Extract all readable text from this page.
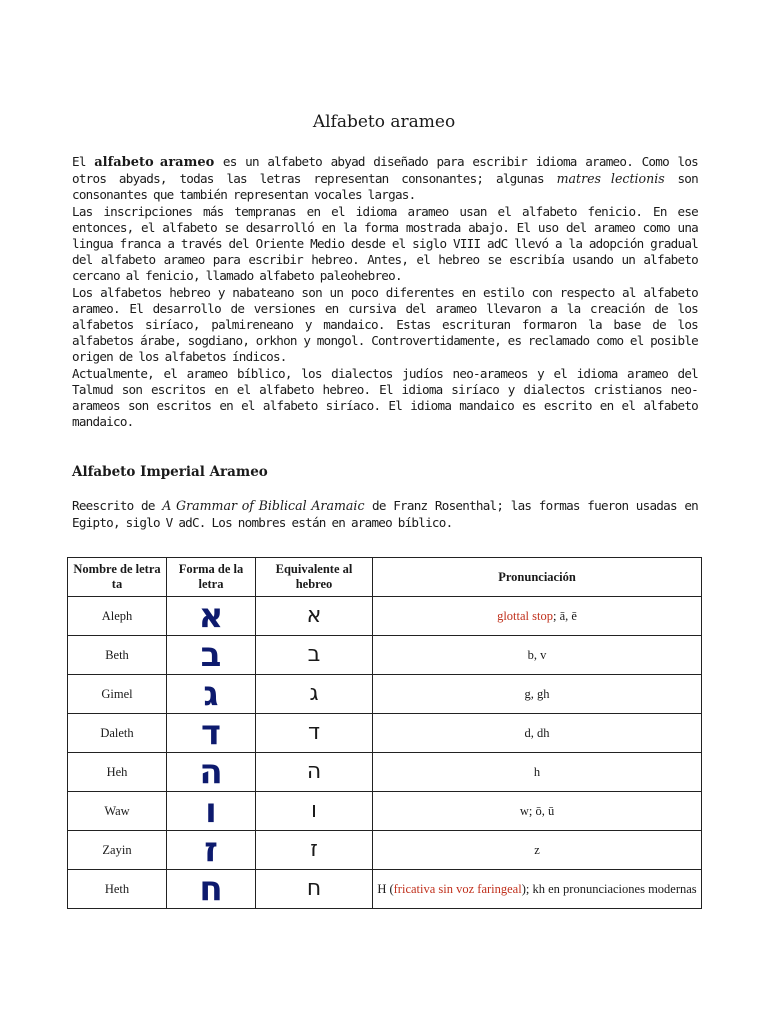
Alfabeto arameo

El alfabeto arameo es un alfabeto abyad diseñado para escribir idioma arameo. Como los otros abyads, todas las letras representan consonantes; algunas matres lectionis son consonantes que también representan vocales largas.

Las inscripciones más tempranas en el idioma arameo usan el alfabeto fenicio. En ese entonces, el alfabeto se desarrolló en la forma mostrada abajo. El uso del arameo como una lingua franca a través del Oriente Medio desde el siglo VIII adC llevó a la adopción gradual del alfabeto arameo para escribir hebreo. Antes, el hebreo se escribía usando un alfabeto cercano al fenicio, llamado alfabeto paleohebreo.

Los alfabetos hebreo y nabateano son un poco diferentes en estilo con respecto al alfabeto arameo. El desarrollo de versiones en cursiva del arameo llevaron a la creación de los alfabetos siríaco, palmireneano y mandaico. Estas escrituran formaron la base de los alfabetos árabe, sogdiano, orkhon y mongol. Controvertidamente, es reclamado como el posible origen de los alfabetos índicos.

Actualmente, el arameo bíblico, los dialectos judíos neo-arameos y el idioma arameo del Talmud son escritos en el alfabeto hebreo. El idioma siríaco y dialectos cristianos neo-arameos son escritos en el alfabeto siríaco. El idioma mandaico es escrito en el alfabeto mandaico.

Alfabeto Imperial Arameo

Reescrito de A Grammar of Biblical Aramaic de Franz Rosenthal; las formas fueron usadas en Egipto, siglo V adC. Los nombres están en arameo bíblico.

Nombre de letra ta	Forma de la letra	Equivalente al hebreo	Pronunciación
Aleph	א	א	glottal stop; ā, ē
Beth	ב	ב	b, v
Gimel	ג	ג	g, gh
Daleth	ד	ד	d, dh
Heh	ה	ה	h
Waw	ו	ו	w; ō, ū
Zayin	ז	ז	z
Heth	ח	ח	H (fricativa sin voz faringeal); kh en pronunciaciones modernas
